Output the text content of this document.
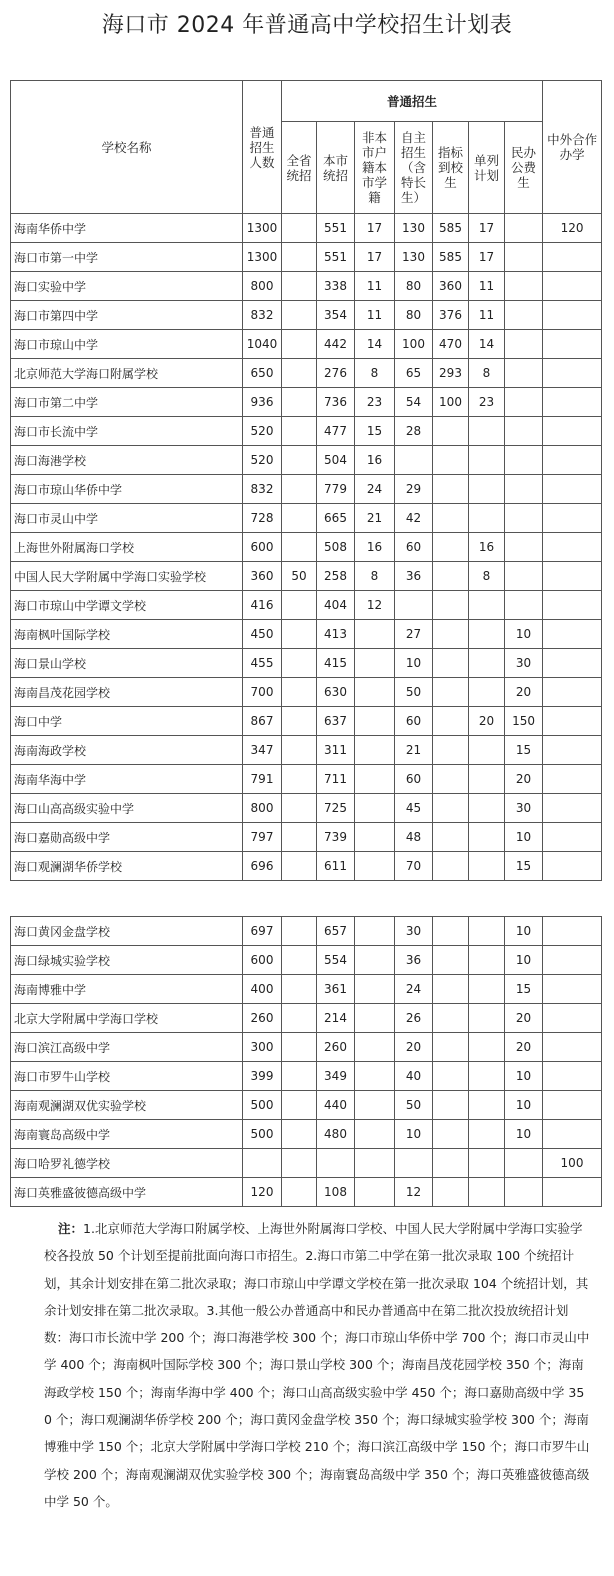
海口市 2024 年普通高中学校招生计划表
学校名称	普通招生人数	普通招生							中外合作办学
		全省统招	本市统招	非本市户籍本市学籍	自主招生（含特长生）	指标到校生	单列计划	民办公费生	
海南华侨中学	1300		551	17	130	585	17		120
海口市第一中学	1300		551	17	130	585	17		
海口实验中学	800		338	11	80	360	11		
海口市第四中学	832		354	11	80	376	11		
海口市琼山中学	1040		442	14	100	470	14		
北京师范大学海口附属学校	650		276	8	65	293	8		
海口市第二中学	936		736	23	54	100	23		
海口市长流中学	520		477	15	28				
海口海港学校	520		504	16					
海口市琼山华侨中学	832		779	24	29				
海口市灵山中学	728		665	21	42				
上海世外附属海口学校	600		508	16	60		16		
中国人民大学附属中学海口实验学校	360	50	258	8	36		8		
海口市琼山中学谭文学校	416		404	12					
海南枫叶国际学校	450		413		27			10	
海口景山学校	455		415		10			30	
海南昌茂花园学校	700		630		50			20	
海口中学	867		637		60		20	150	
海南海政学校	347		311		21			15	
海南华海中学	791		711		60			20	
海口山高高级实验中学	800		725		45			30	
海口嘉勋高级中学	797		739		48			10	
海口观澜湖华侨学校	696		611		70			15	
海口黄冈金盘学校	697		657		30			10	
海口绿城实验学校	600		554		36			10	
海南博雅中学	400		361		24			15	
北京大学附属中学海口学校	260		214		26			20	
海口滨江高级中学	300		260		20			20	
海口市罗牛山学校	399		349		40			10	
海南观澜湖双优实验学校	500		440		50			10	
海南寰岛高级中学	500		480		10			10	
海口哈罗礼德学校									100
海口英雅盛彼德高级中学	120		108		12				
注：1.北京师范大学海口附属学校、上海世外附属海口学校、中国人民大学附属中学海口实验学校各投放 50 个计划至提前批面向海口市招生。2.海口市第二中学在第一批次录取 100 个统招计划，其余计划安排在第二批次录取；海口市琼山中学谭文学校在第一批次录取 104 个统招计划，其余计划安排在第二批次录取。3.其他一般公办普通高中和民办普通高中在第二批次投放统招计划数：海口市长流中学 200 个；海口海港学校 300 个；海口市琼山华侨中学 700 个；海口市灵山中学 400 个；海南枫叶国际学校 300 个；海口景山学校 300 个；海南昌茂花园学校 350 个；海南海政学校 150 个；海南华海中学 400 个；海口山高高级实验中学 450 个；海口嘉勋高级中学 350 个；海口观澜湖华侨学校 200 个；海口黄冈金盘学校 350 个；海口绿城实验学校 300 个；海南博雅中学 150 个；北京大学附属中学海口学校 210 个；海口滨江高级中学 150 个；海口市罗牛山学校 200 个；海南观澜湖双优实验学校 300 个；海南寰岛高级中学 350 个；海口英雅盛彼德高级中学 50 个。
